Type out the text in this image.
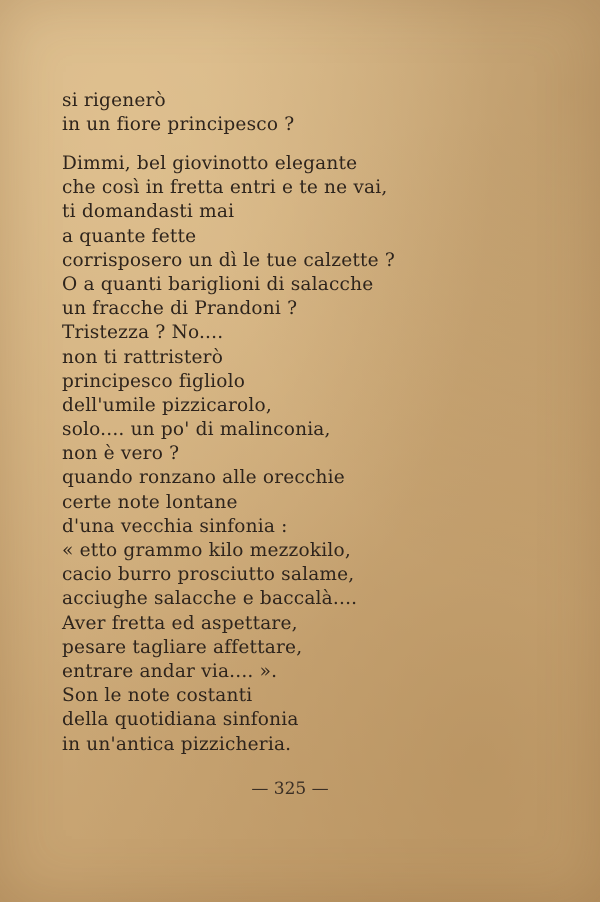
si rigenerò
in un fiore principesco ?
Dimmi, bel giovinotto elegante
che così in fretta entri e te ne vai,
ti domandasti mai
a quante fette
corrisposero un dì le tue calzette ?
O a quanti bariglioni di salacche
un fracche di Prandoni ?
Tristezza ? No....
non ti rattristerò
principesco figliolo
dell'umile pizzicarolo,
solo.... un po' di malinconia,
non è vero ?
quando ronzano alle orecchie
certe note lontane
d'una vecchia sinfonia :
« etto grammo kilo mezzokilo,
cacio burro prosciutto salame,
acciughe salacche e baccalà....
Aver fretta ed aspettare,
pesare tagliare affettare,
entrare andar via.... ».
Son le note costanti
della quotidiana sinfonia
in un'antica pizzicheria.
— 325 —
